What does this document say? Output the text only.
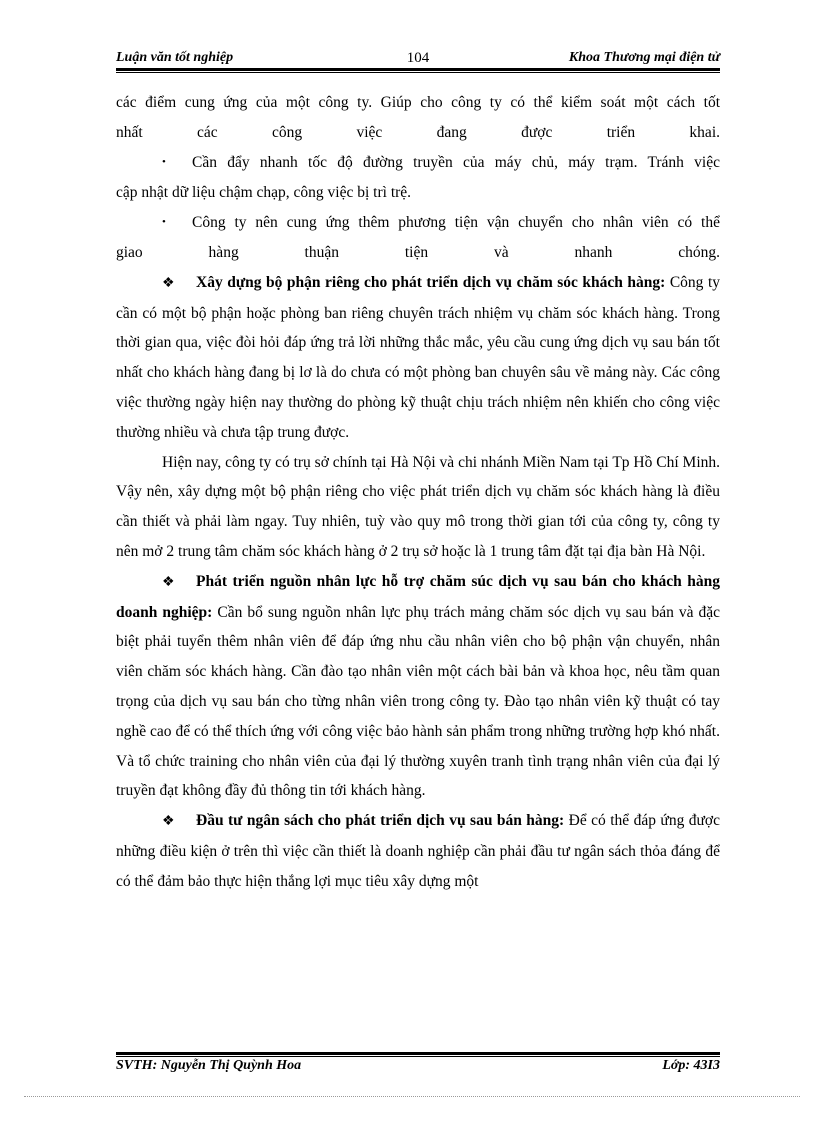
Luận văn tốt nghiệp	104	Khoa Thương mại điện tử

các điểm cung ứng của một công ty. Giúp cho công ty có thể kiểm soát một cách tốt

nhất các công việc đang được triển khai.

• Cần đẩy nhanh tốc độ đường truyền của máy chủ, máy trạm. Tránh việc

cập nhật dữ liệu chậm chạp, công việc bị trì trệ.

• Công ty nên cung ứng thêm phương tiện vận chuyển cho nhân viên có thể

giao hàng thuận tiện và nhanh chóng.

❖ Xây dựng bộ phận riêng cho phát triển dịch vụ chăm sóc khách hàng: Công ty cần có một bộ phận hoặc phòng ban riêng chuyên trách nhiệm vụ chăm sóc khách hàng. Trong thời gian qua, việc đòi hỏi đáp ứng trả lời những thắc mắc, yêu cầu cung ứng dịch vụ sau bán tốt nhất cho khách hàng đang bị lơ là do chưa có một phòng ban chuyên sâu về mảng này. Các công việc thường ngày hiện nay thường do phòng kỹ thuật chịu trách nhiệm nên khiến cho công việc thường nhiều và chưa tập trung được.

Hiện nay, công ty có trụ sở chính tại Hà Nội và chi nhánh Miền Nam tại Tp Hồ Chí Minh. Vậy nên, xây dựng một bộ phận riêng cho việc phát triển dịch vụ chăm sóc khách hàng là điều cần thiết và phải làm ngay. Tuy nhiên, tuỳ vào quy mô trong thời gian tới của công ty, công ty nên mở 2 trung tâm chăm sóc khách hàng ở 2 trụ sở hoặc là 1 trung tâm đặt tại địa bàn Hà Nội.

❖ Phát triển nguồn nhân lực hỗ trợ chăm súc dịch vụ sau bán cho khách hàng doanh nghiệp: Cần bổ sung nguồn nhân lực phụ trách mảng chăm sóc dịch vụ sau bán và đặc biệt phải tuyển thêm nhân viên để đáp ứng nhu cầu nhân viên cho bộ phận vận chuyển, nhân viên chăm sóc khách hàng. Cần đào tạo nhân viên một cách bài bản và khoa học, nêu tầm quan trọng của dịch vụ sau bán cho từng nhân viên trong công ty. Đào tạo nhân viên kỹ thuật có tay nghề cao để có thể thích ứng với công việc bảo hành sản phẩm trong những trường hợp khó nhất. Và tổ chức training cho nhân viên của đại lý thường xuyên tranh tình trạng nhân viên của đại lý truyền đạt không đầy đủ thông tin tới khách hàng.

❖ Đầu tư ngân sách cho phát triển dịch vụ sau bán hàng: Để có thể đáp ứng được những điều kiện ở trên thì việc cần thiết là doanh nghiệp cần phải đầu tư ngân sách thỏa đáng để có thể đảm bảo thực hiện thắng lợi mục tiêu xây dựng một

SVTH: Nguyễn Thị Quỳnh Hoa	Lớp: 43I3
